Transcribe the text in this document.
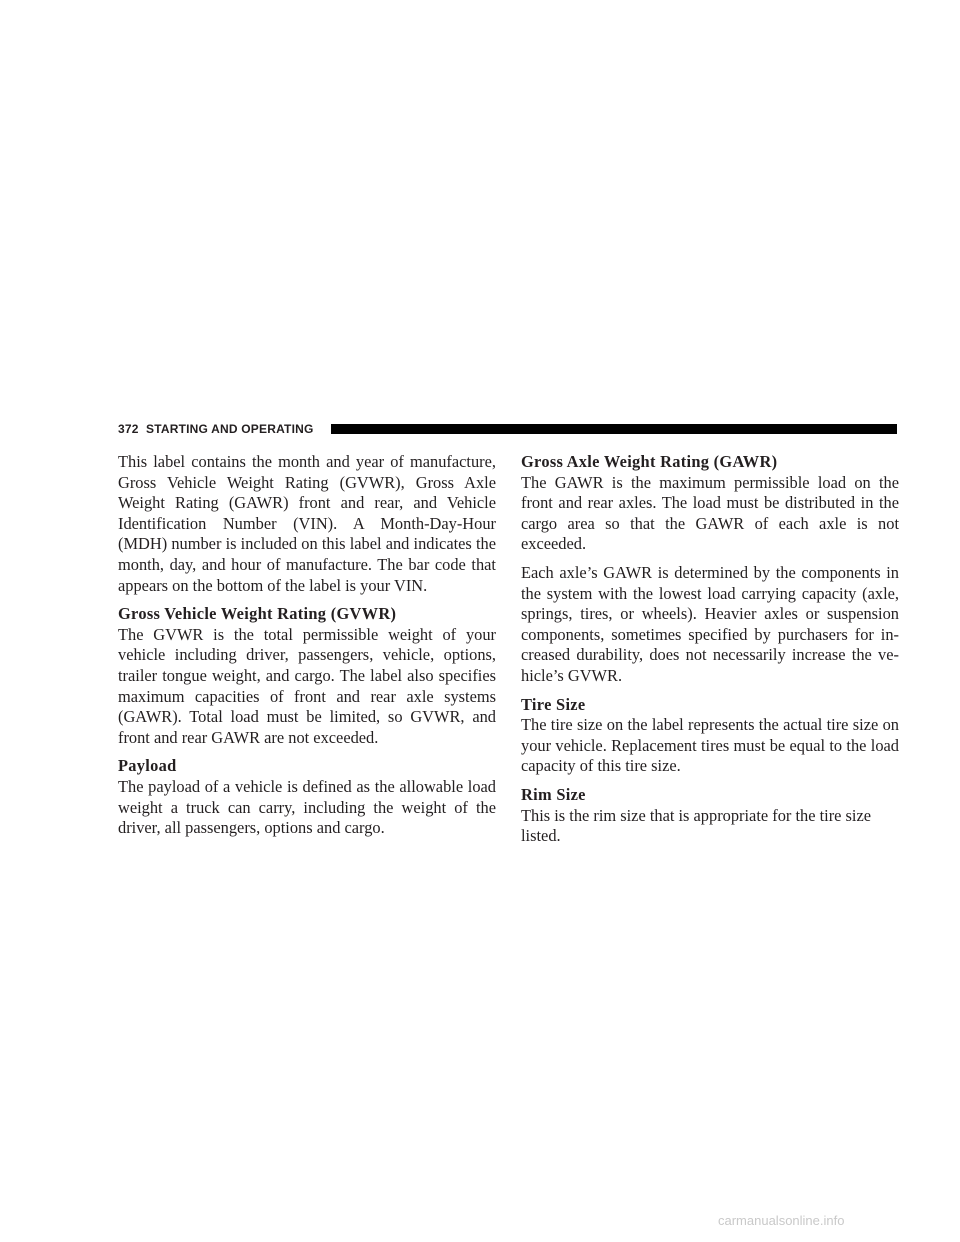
372 STARTING AND OPERATING

This label contains the month and year of manufacture, Gross Vehicle Weight Rating (GVWR), Gross Axle Weight Rating (GAWR) front and rear, and Vehicle Identification Number (VIN). A Month-Day-Hour (MDH) number is included on this label and indicates the month, day, and hour of manufacture. The bar code that appears on the bottom of the label is your VIN.

Gross Vehicle Weight Rating (GVWR)

The GVWR is the total permissible weight of your vehicle including driver, passengers, vehicle, options, trailer tongue weight, and cargo. The label also specifies maximum capacities of front and rear axle systems (GAWR). Total load must be limited, so GVWR, and front and rear GAWR are not exceeded.

Payload

The payload of a vehicle is defined as the allowable load weight a truck can carry, including the weight of the driver, all passengers, options and cargo.

Gross Axle Weight Rating (GAWR)

The GAWR is the maximum permissible load on the front and rear axles. The load must be distributed in the cargo area so that the GAWR of each axle is not exceeded.

Each axle’s GAWR is determined by the components in the system with the lowest load carrying capacity (axle, springs, tires, or wheels). Heavier axles or suspension components, sometimes specified by purchasers for increased durability, does not necessarily increase the vehicle’s GVWR.

Tire Size

The tire size on the label represents the actual tire size on your vehicle. Replacement tires must be equal to the load capacity of this tire size.

Rim Size

This is the rim size that is appropriate for the tire size listed.

carmanualsonline.info
